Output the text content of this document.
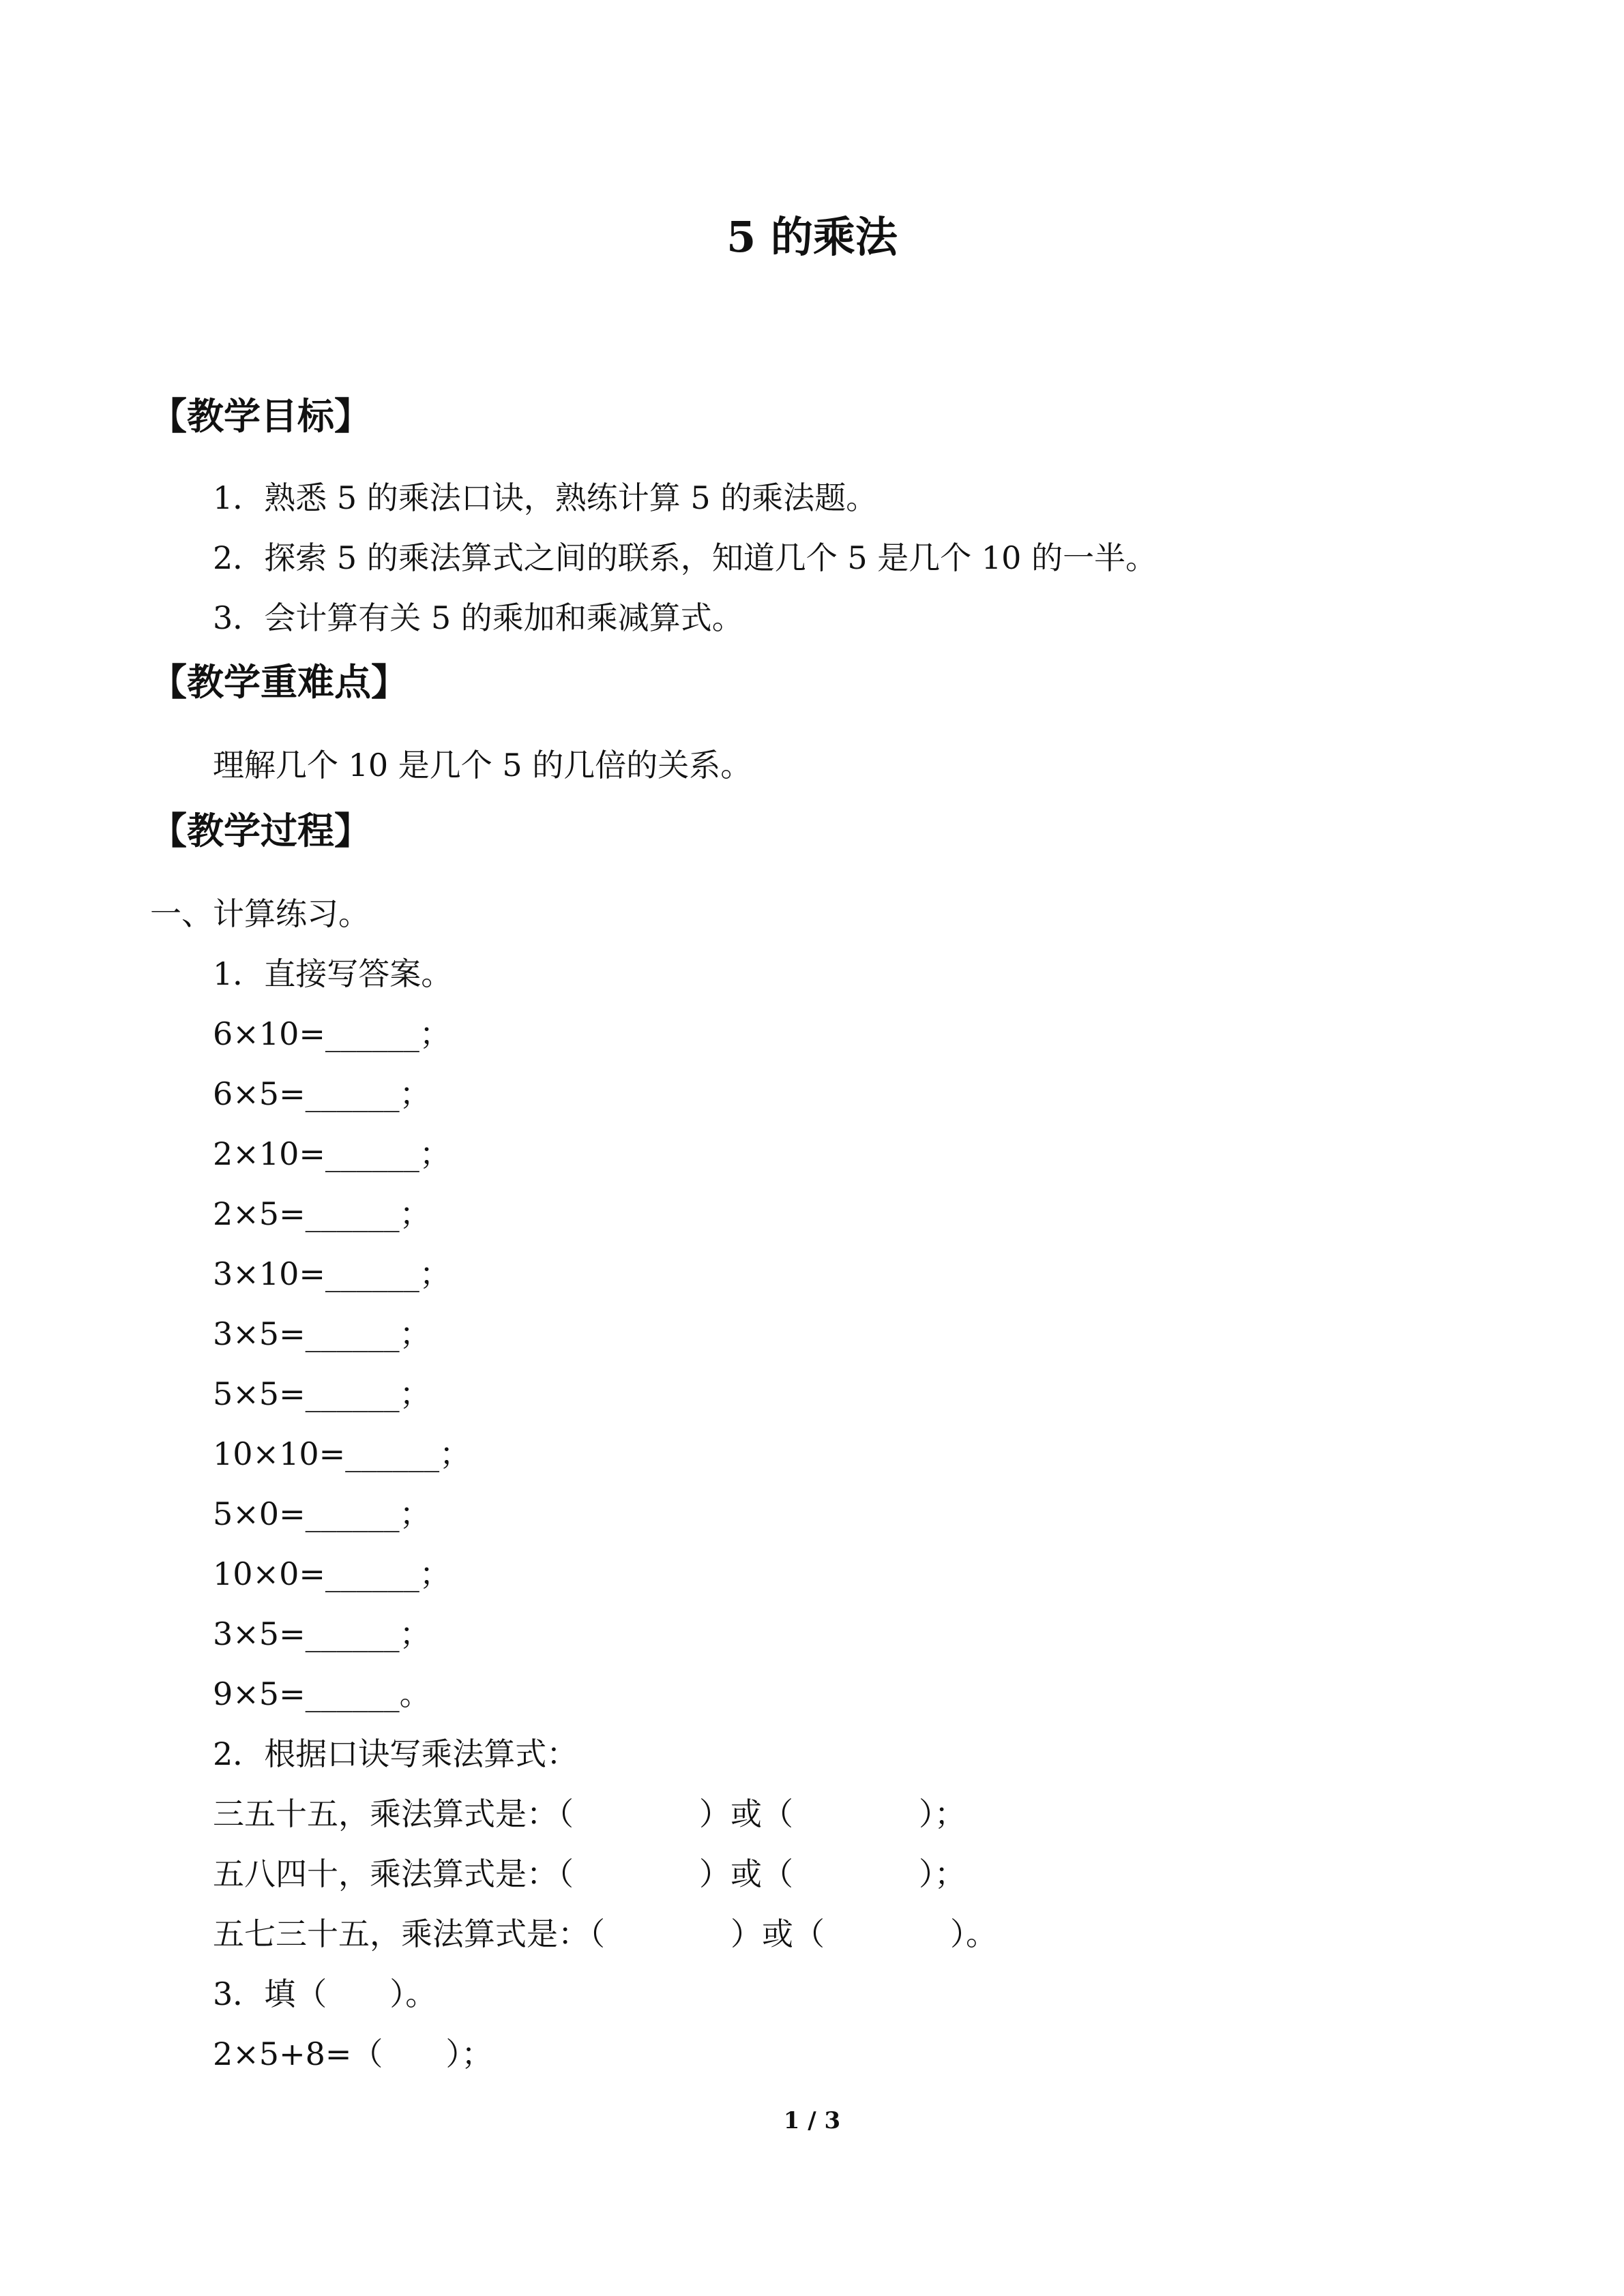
5 的乘法
【教学目标】
1．熟悉 5 的乘法口诀，熟练计算 5 的乘法题。
2．探索 5 的乘法算式之间的联系，知道几个 5 是几个 10 的一半。
3．会计算有关 5 的乘加和乘减算式。
【教学重难点】
理解几个 10 是几个 5 的几倍的关系。
【教学过程】
一、计算练习。
1．直接写答案。
6×10=______；
6×5=______；
2×10=______；
2×5=______；
3×10=______；
3×5=______；
5×5=______；
10×10=______；
5×0=______；
10×0=______；
3×5=______；
9×5=______。
2．根据口诀写乘法算式：
三五十五，乘法算式是：（　　　　）或（　　　　）；
五八四十，乘法算式是：（　　　　）或（　　　　）；
五七三十五，乘法算式是：（　　　　）或（　　　　）。
3．填（　　）。
2×5+8=（　　）；
1 / 3
